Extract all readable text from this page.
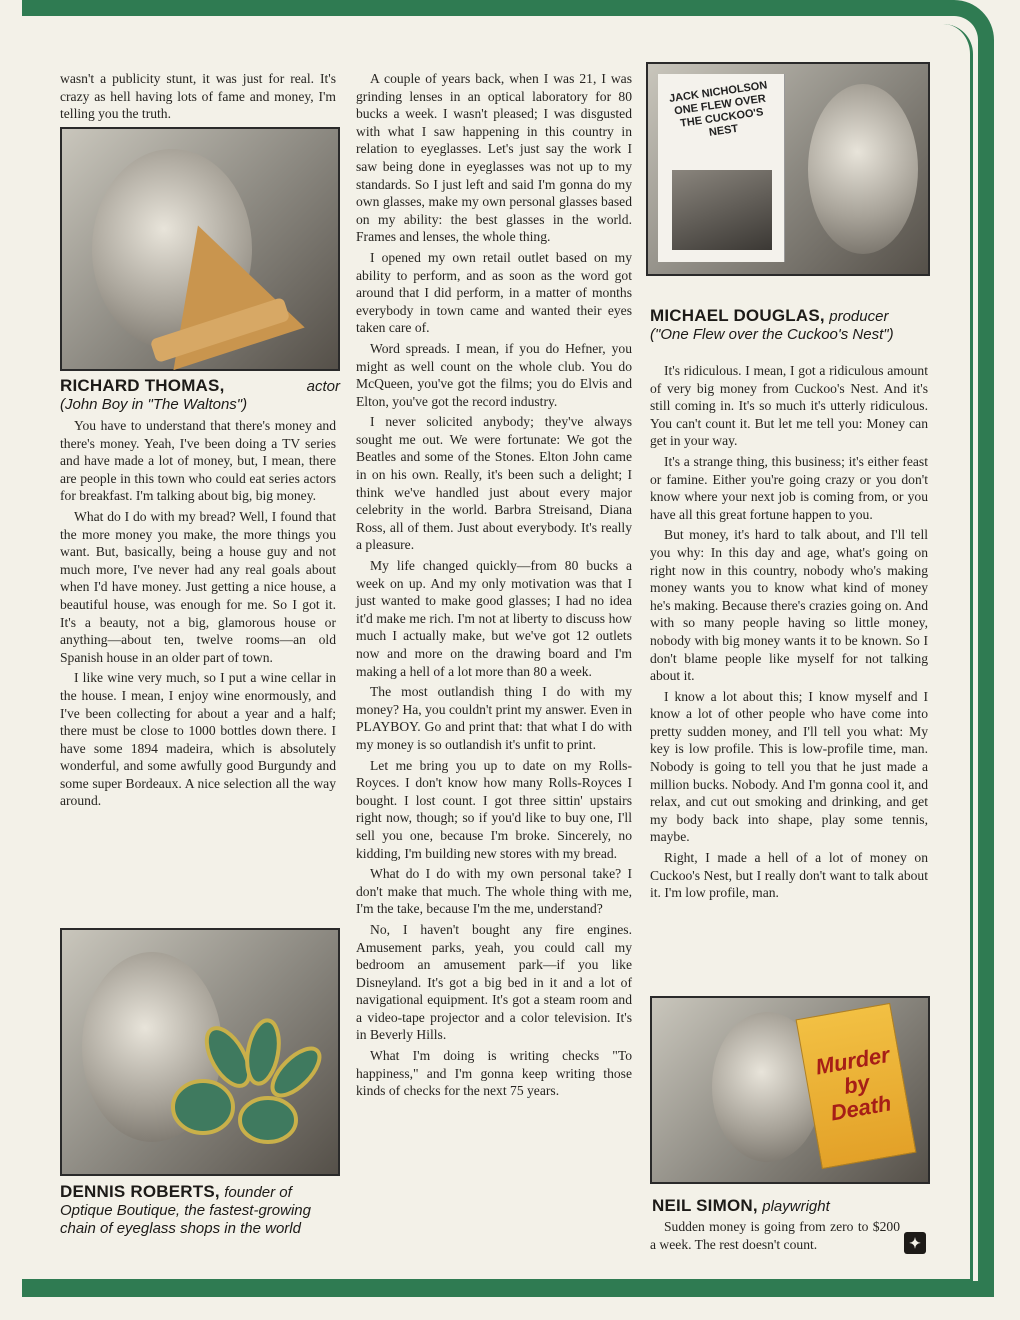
wasn't a publicity stunt, it was just for real. It's crazy as hell having lots of fame and money, I'm telling you the truth.

RICHARD THOMAS,	actor
(John Boy in "The Waltons")

You have to understand that there's money and there's money. Yeah, I've been doing a TV series and have made a lot of money, but, I mean, there are people in this town who could eat series actors for breakfast. I'm talking about big, big money.

What do I do with my bread? Well, I found that the more money you make, the more things you want. But, basically, being a house guy and not much more, I've never had any real goals about when I'd have money. Just getting a nice house, a beautiful house, was enough for me. So I got it. It's a beauty, not a big, glamorous house or anything—about ten, twelve rooms—an old Spanish house in an older part of town.

I like wine very much, so I put a wine cellar in the house. I mean, I enjoy wine enormously, and I've been collecting for about a year and a half; there must be close to 1000 bottles down there. I have some 1894 madeira, which is absolutely wonderful, and some awfully good Burgundy and some super Bordeaux. A nice selection all the way around.

DENNIS ROBERTS, founder of Optique Boutique, the fastest-growing chain of eyeglass shops in the world

A couple of years back, when I was 21, I was grinding lenses in an optical laboratory for 80 bucks a week. I wasn't pleased; I was disgusted with what I saw happening in this country in relation to eyeglasses. Let's just say the work I saw being done in eyeglasses was not up to my standards. So I just left and said I'm gonna do my own glasses, make my own personal glasses based on my ability: the best glasses in the world. Frames and lenses, the whole thing.

I opened my own retail outlet based on my ability to perform, and as soon as the word got around that I did perform, in a matter of months everybody in town came and wanted their eyes taken care of.

Word spreads. I mean, if you do Hefner, you might as well count on the whole club. You do McQueen, you've got the films; you do Elvis and Elton, you've got the record industry.

I never solicited anybody; they've always sought me out. We were fortunate: We got the Beatles and some of the Stones. Elton John came in on his own. Really, it's been such a delight; I think we've handled just about every major celebrity in the world. Barbra Streisand, Diana Ross, all of them. Just about everybody. It's really a pleasure.

My life changed quickly—from 80 bucks a week on up. And my only motivation was that I just wanted to make good glasses; I had no idea it'd make me rich. I'm not at liberty to discuss how much I actually make, but we've got 12 outlets now and more on the drawing board and I'm making a hell of a lot more than 80 a week.

The most outlandish thing I do with my money? Ha, you couldn't print my answer. Even in PLAYBOY. Go and print that: that what I do with my money is so outlandish it's unfit to print.

Let me bring you up to date on my Rolls-Royces. I don't know how many Rolls-Royces I bought. I lost count. I got three sittin' upstairs right now, though; so if you'd like to buy one, I'll sell you one, because I'm broke. Sincerely, no kidding, I'm building new stores with my bread.

What do I do with my own personal take? I don't make that much. The whole thing with me, I'm the take, because I'm the me, understand?

No, I haven't bought any fire engines. Amusement parks, yeah, you could call my bedroom an amusement park—if you like Disneyland. It's got a big bed in it and a lot of navigational equipment. It's got a steam room and a video-tape projector and a color television. It's in Beverly Hills.

What I'm doing is writing checks "To happiness," and I'm gonna keep writing those kinds of checks for the next 75 years.

JACK NICHOLSON ONE FLEW OVER THE CUCKOO'S NEST
MICHAEL DOUGLAS, producer
("One Flew over the Cuckoo's Nest")

It's ridiculous. I mean, I got a ridiculous amount of very big money from Cuckoo's Nest. And it's still coming in. It's so much it's utterly ridiculous. You can't count it. But let me tell you: Money can get in your way.

It's a strange thing, this business; it's either feast or famine. Either you're going crazy or you don't know where your next job is coming from, or you have all this great fortune happen to you.

But money, it's hard to talk about, and I'll tell you why: In this day and age, what's going on right now in this country, nobody who's making money wants you to know what kind of money he's making. Because there's crazies going on. And with so many people having so little money, nobody with big money wants it to be known. So I don't blame people like myself for not talking about it.

I know a lot about this; I know myself and I know a lot of other people who have come into pretty sudden money, and I'll tell you what: My key is low profile. This is low-profile time, man. Nobody is going to tell you that he just made a million bucks. Nobody. And I'm gonna cool it, and relax, and cut out smoking and drinking, and get my body back into shape, play some tennis, maybe.

Right, I made a hell of a lot of money on Cuckoo's Nest, but I really don't want to talk about it. I'm low profile, man.

Murder by Death
NEIL SIMON, playwright

Sudden money is going from zero to $200 a week. The rest doesn't count.	✦
